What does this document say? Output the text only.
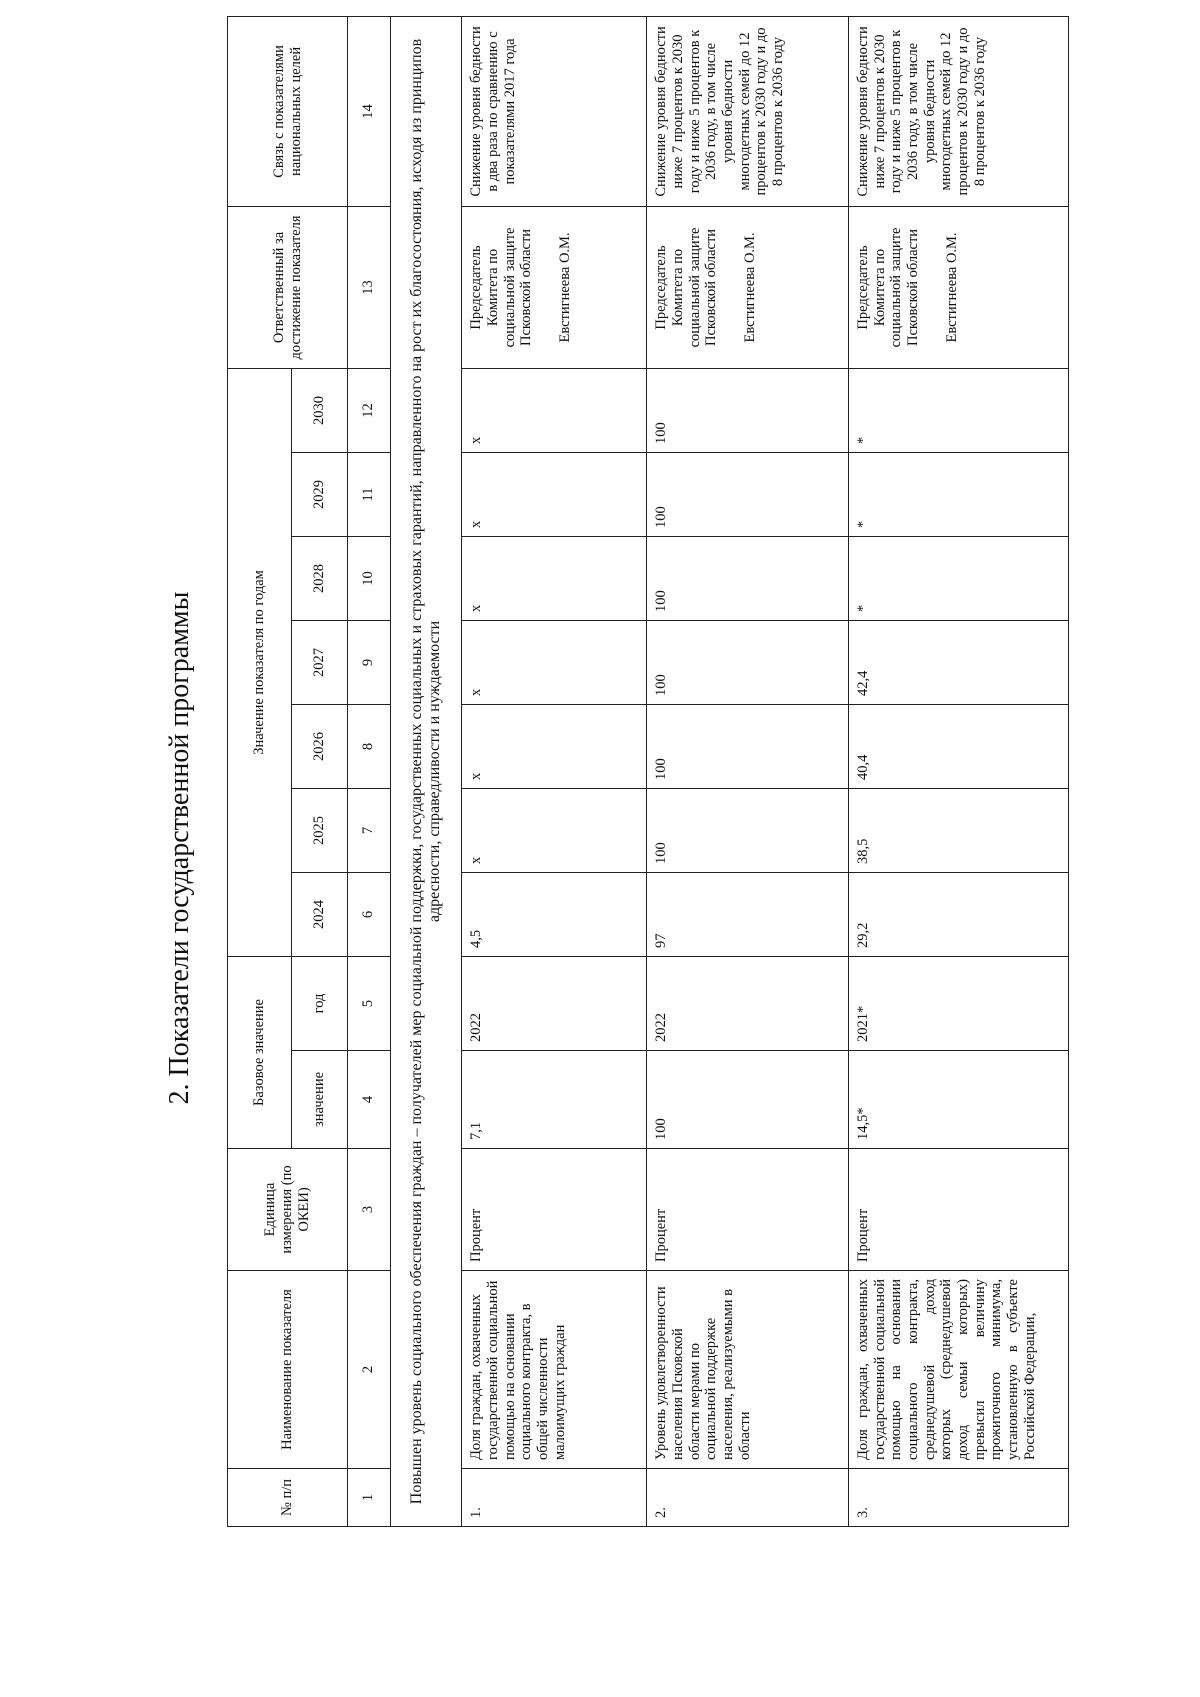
2. Показатели государственной программы
№ п/п	Наименование показателя	Единица измерения (по ОКЕИ)	Базовое значение		Значение показателя по годам							Ответственный за достижение показателя	Связь с показателями национальных целей
			значение	год	2024	2025	2026	2027	2028	2029	2030		
1	2	3	4	5	6	7	8	9	10	11	12	13	14
Повышен уровень социального обеспечения граждан – получателей мер социальной поддержки, государственных социальных и страховых гарантий, направленного на рост их благосостояния, исходя из принципов адресности, справедливости и нуждаемости													
1.	Доля граждан, охваченных государственной социальной помощью на основании социального контракта, в общей численности малоимущих граждан	Процент	7,1	2022	4,5	х	х	х	х	х	х	Председатель Комитета по социальной защите Псковской области Евстигнеева О.М.	Снижение уровня бедности в два раза по сравнению с показателями 2017 года
2.	Уровень удовлетворенности населения Псковской области мерами по социальной поддержке населения, реализуемыми в области	Процент	100	2022	97	100	100	100	100	100	100	Председатель Комитета по социальной защите Псковской области Евстигнеева О.М.	Снижение уровня бедности ниже 7 процентов к 2030 году и ниже 5 процентов к 2036 году, в том числе уровня бедности многодетных семей до 12 процентов к 2030 году и до 8 процентов к 2036 году
3.	Доля граждан, охваченных государственной социальной помощью на основании социального контракта, среднедушевой доход которых (среднедушевой доход семьи которых) превысил величину прожиточного минимума, установленную в субъекте Российской Федерации,	Процент	14,5*	2021*	29,2	38,5	40,4	42,4	*	*	*	Председатель Комитета по социальной защите Псковской области Евстигнеева О.М.	Снижение уровня бедности ниже 7 процентов к 2030 году и ниже 5 процентов к 2036 году, в том числе уровня бедности многодетных семей до 12 процентов к 2030 году и до 8 процентов к 2036 году
